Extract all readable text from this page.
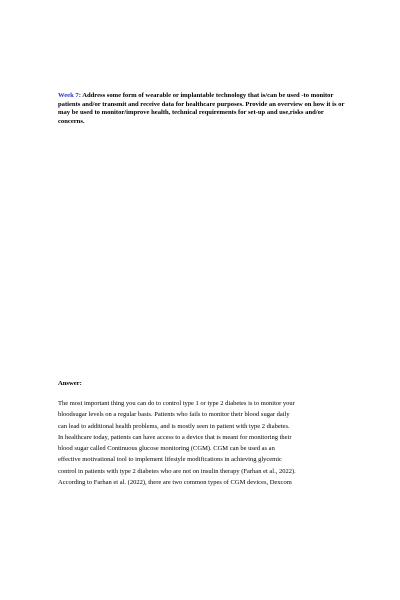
Week 7: Address some form of wearable or implantable technology that is/can be used -to monitor patients and/or transmit and receive data for healthcare purposes. Provide an overview on how it is or may be used to monitor/improve health, technical requirements for set-up and use,risks and/or concerns.

Answer:

The most important thing you can do to control type 1 or type 2 diabetes is to monitor your
bloodsugar levels on a regular basis. Patients who fails to monitor their blood sugar daily
can lead to additional health problems, and is mostly seen in patient with type 2 diabetes.
In healthcare today, patients can have access to a device that is meant for monitoring their
blood sugar called Continuous glucose monitoring (CGM). CGM can be used as an
effective motivational tool to implement lifestyle modifications in achieving glycemic
control in patients with type 2 diabetes who are not on insulin therapy (Farhan et al., 2022).
According to Farhan et al. (2022), there are two common types of CGM devices, Dexcom
